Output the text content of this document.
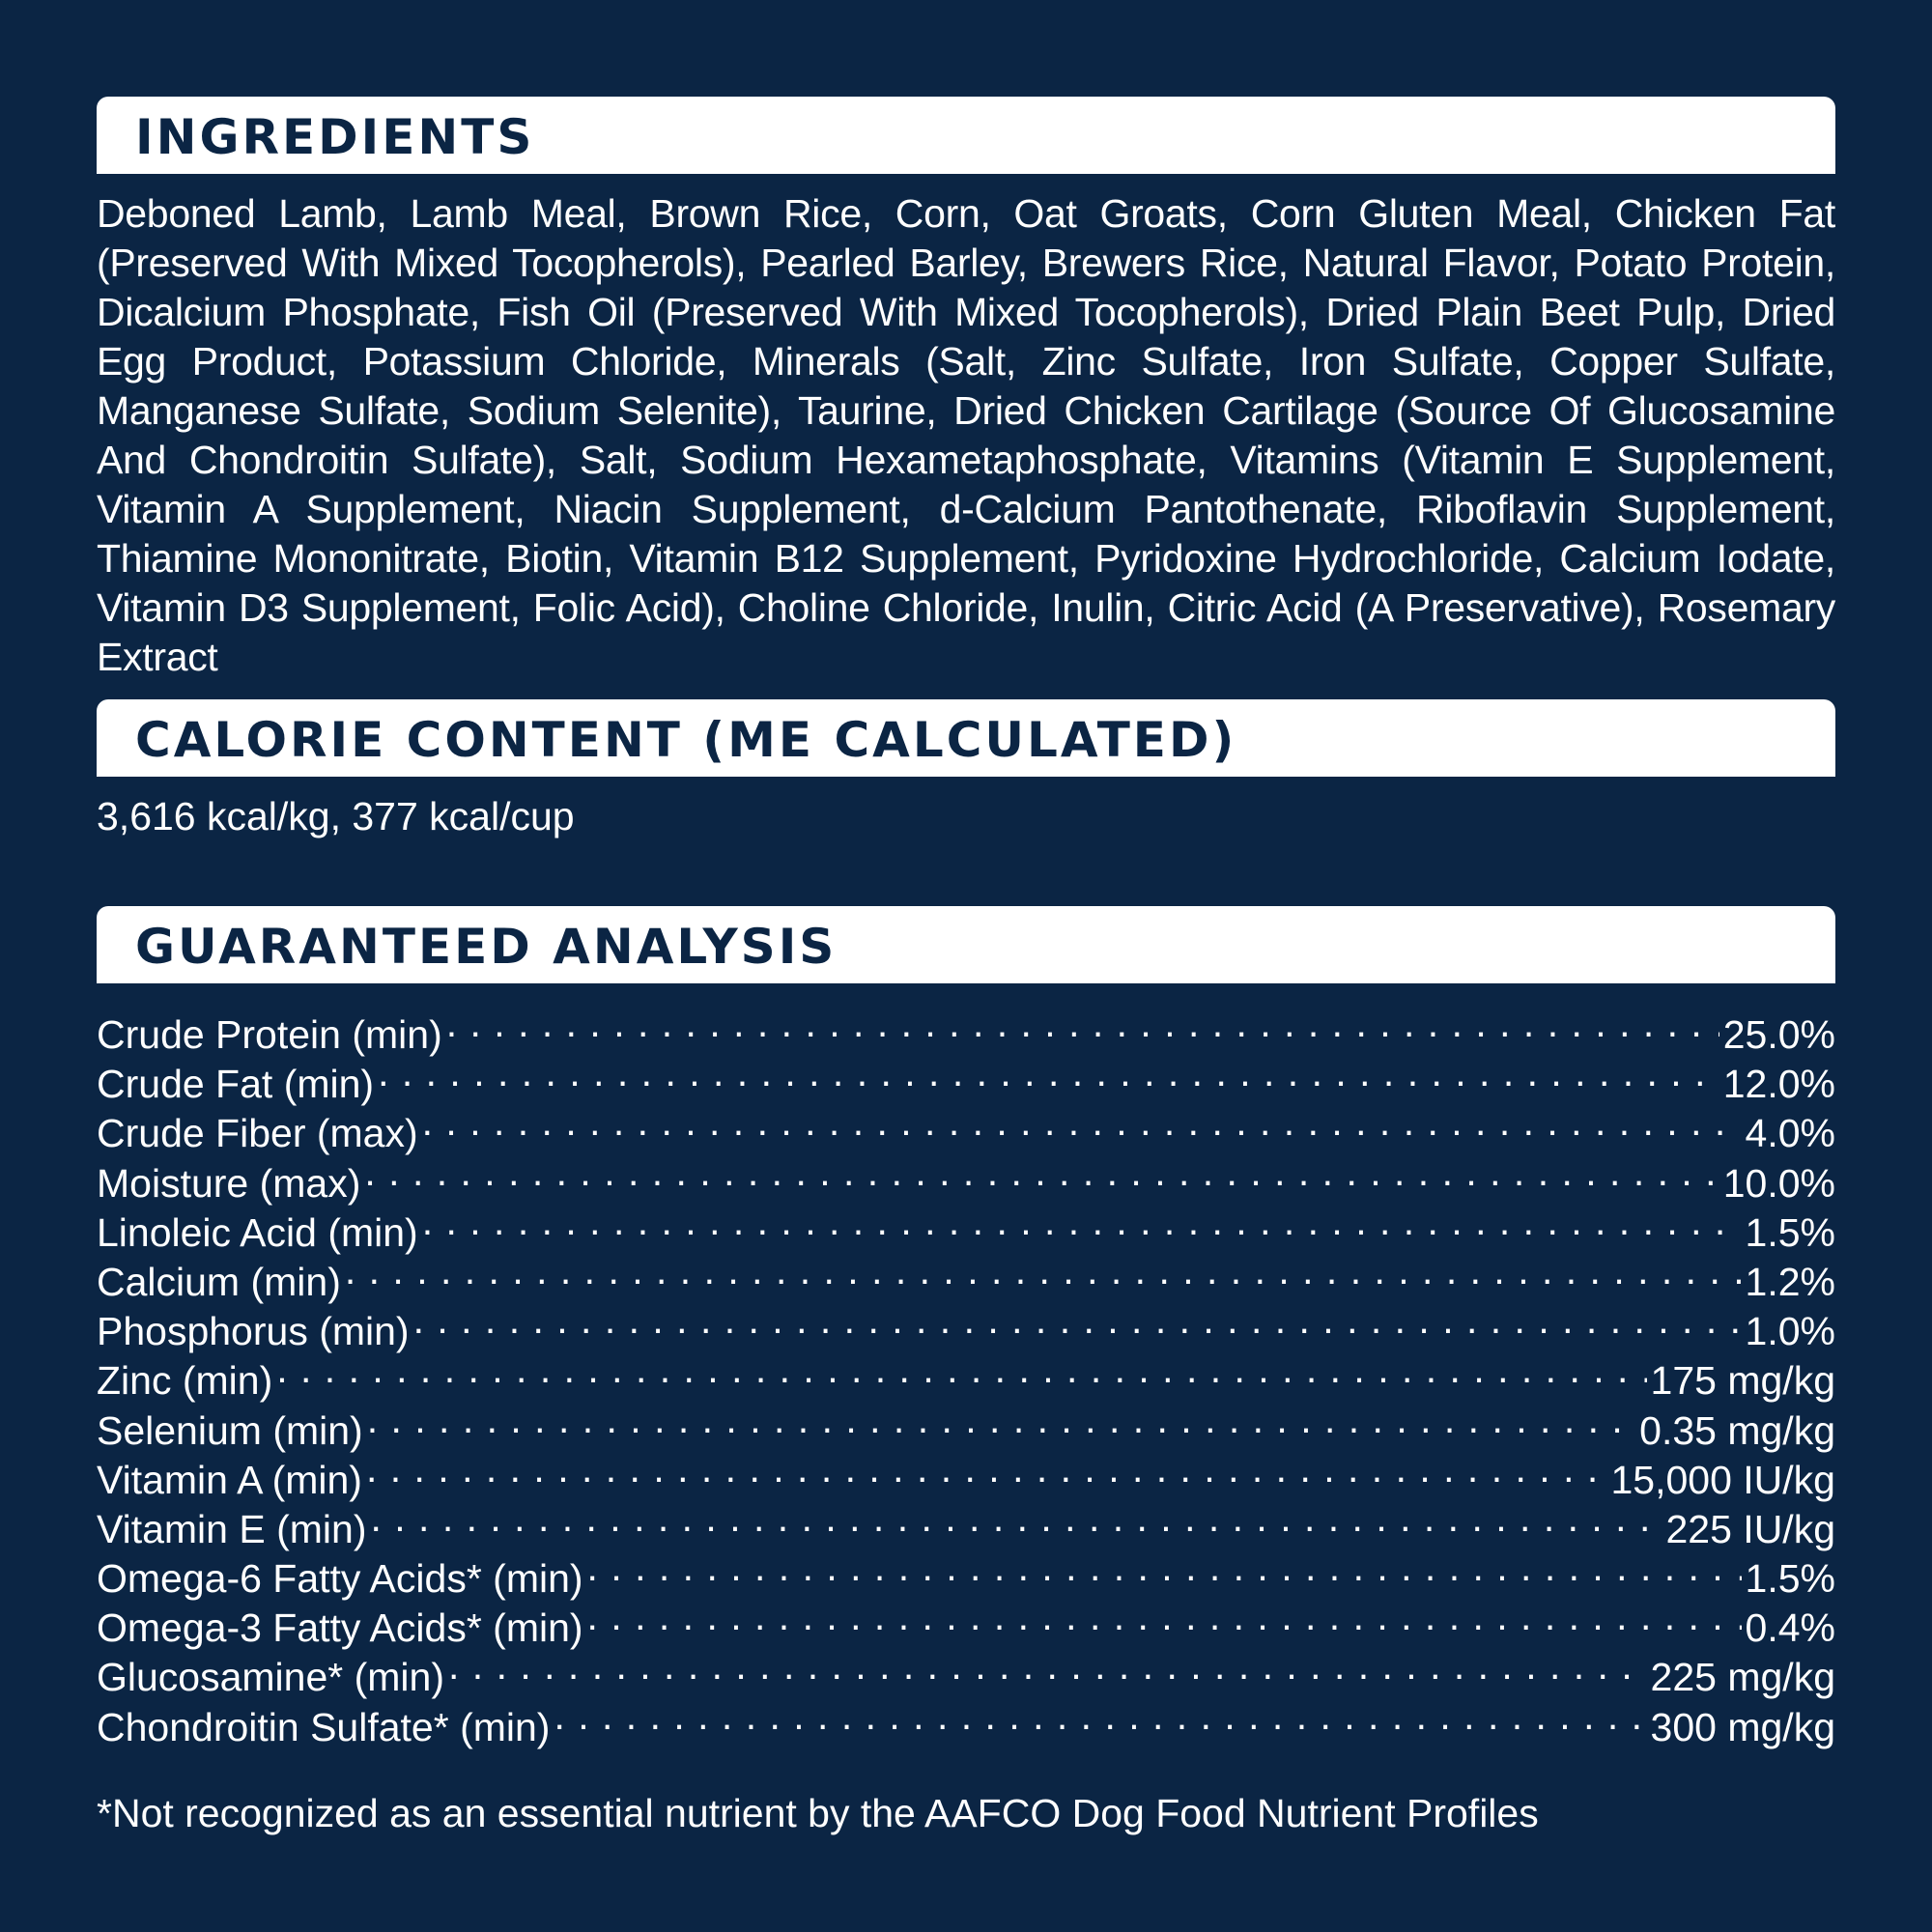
INGREDIENTS
Deboned Lamb, Lamb Meal, Brown Rice, Corn, Oat Groats, Corn Gluten Meal, Chicken Fat (Preserved With Mixed Tocopherols), Pearled Barley, Brewers Rice, Natural Flavor, Potato Protein, Dicalcium Phosphate, Fish Oil (Preserved With Mixed Tocopherols), Dried Plain Beet Pulp, Dried Egg Product, Potassium Chloride, Minerals (Salt, Zinc Sulfate, Iron Sulfate, Copper Sulfate, Manganese Sulfate, Sodium Selenite), Taurine, Dried Chicken Cartilage (Source Of Glucosamine And Chondroitin Sulfate), Salt, Sodium Hexametaphosphate, Vitamins (Vitamin E Supplement, Vitamin A Supplement, Niacin Supplement, d-Calcium Pantothenate, Riboflavin Supplement, Thiamine Mononitrate, Biotin, Vitamin B12 Supplement, Pyridoxine Hydrochloride, Calcium Iodate, Vitamin D3 Supplement, Folic Acid), Choline Chloride, Inulin, Citric Acid (A Preservative), Rosemary Extract
CALORIE CONTENT (ME CALCULATED)
3,616 kcal/kg, 377 kcal/cup
GUARANTEED ANALYSIS
Crude Protein (min) . . .	25.0%
Crude Fat (min) . . .	12.0%
Crude Fiber (max) . . .	4.0%
Moisture (max) . . .	10.0%
Linoleic Acid (min) . . .	1.5%
Calcium (min) . . .	1.2%
Phosphorus (min) . . .	1.0%
Zinc (min) . . .	175 mg/kg
Selenium (min) . . .	0.35 mg/kg
Vitamin A (min) . . .	15,000 IU/kg
Vitamin E (min) . . .	225 IU/kg
Omega-6 Fatty Acids* (min) . . .	1.5%
Omega-3 Fatty Acids* (min) . . .	0.4%
Glucosamine* (min) . . .	225 mg/kg
Chondroitin Sulfate* (min) . . .	300 mg/kg
*Not recognized as an essential nutrient by the AAFCO Dog Food Nutrient Profiles
